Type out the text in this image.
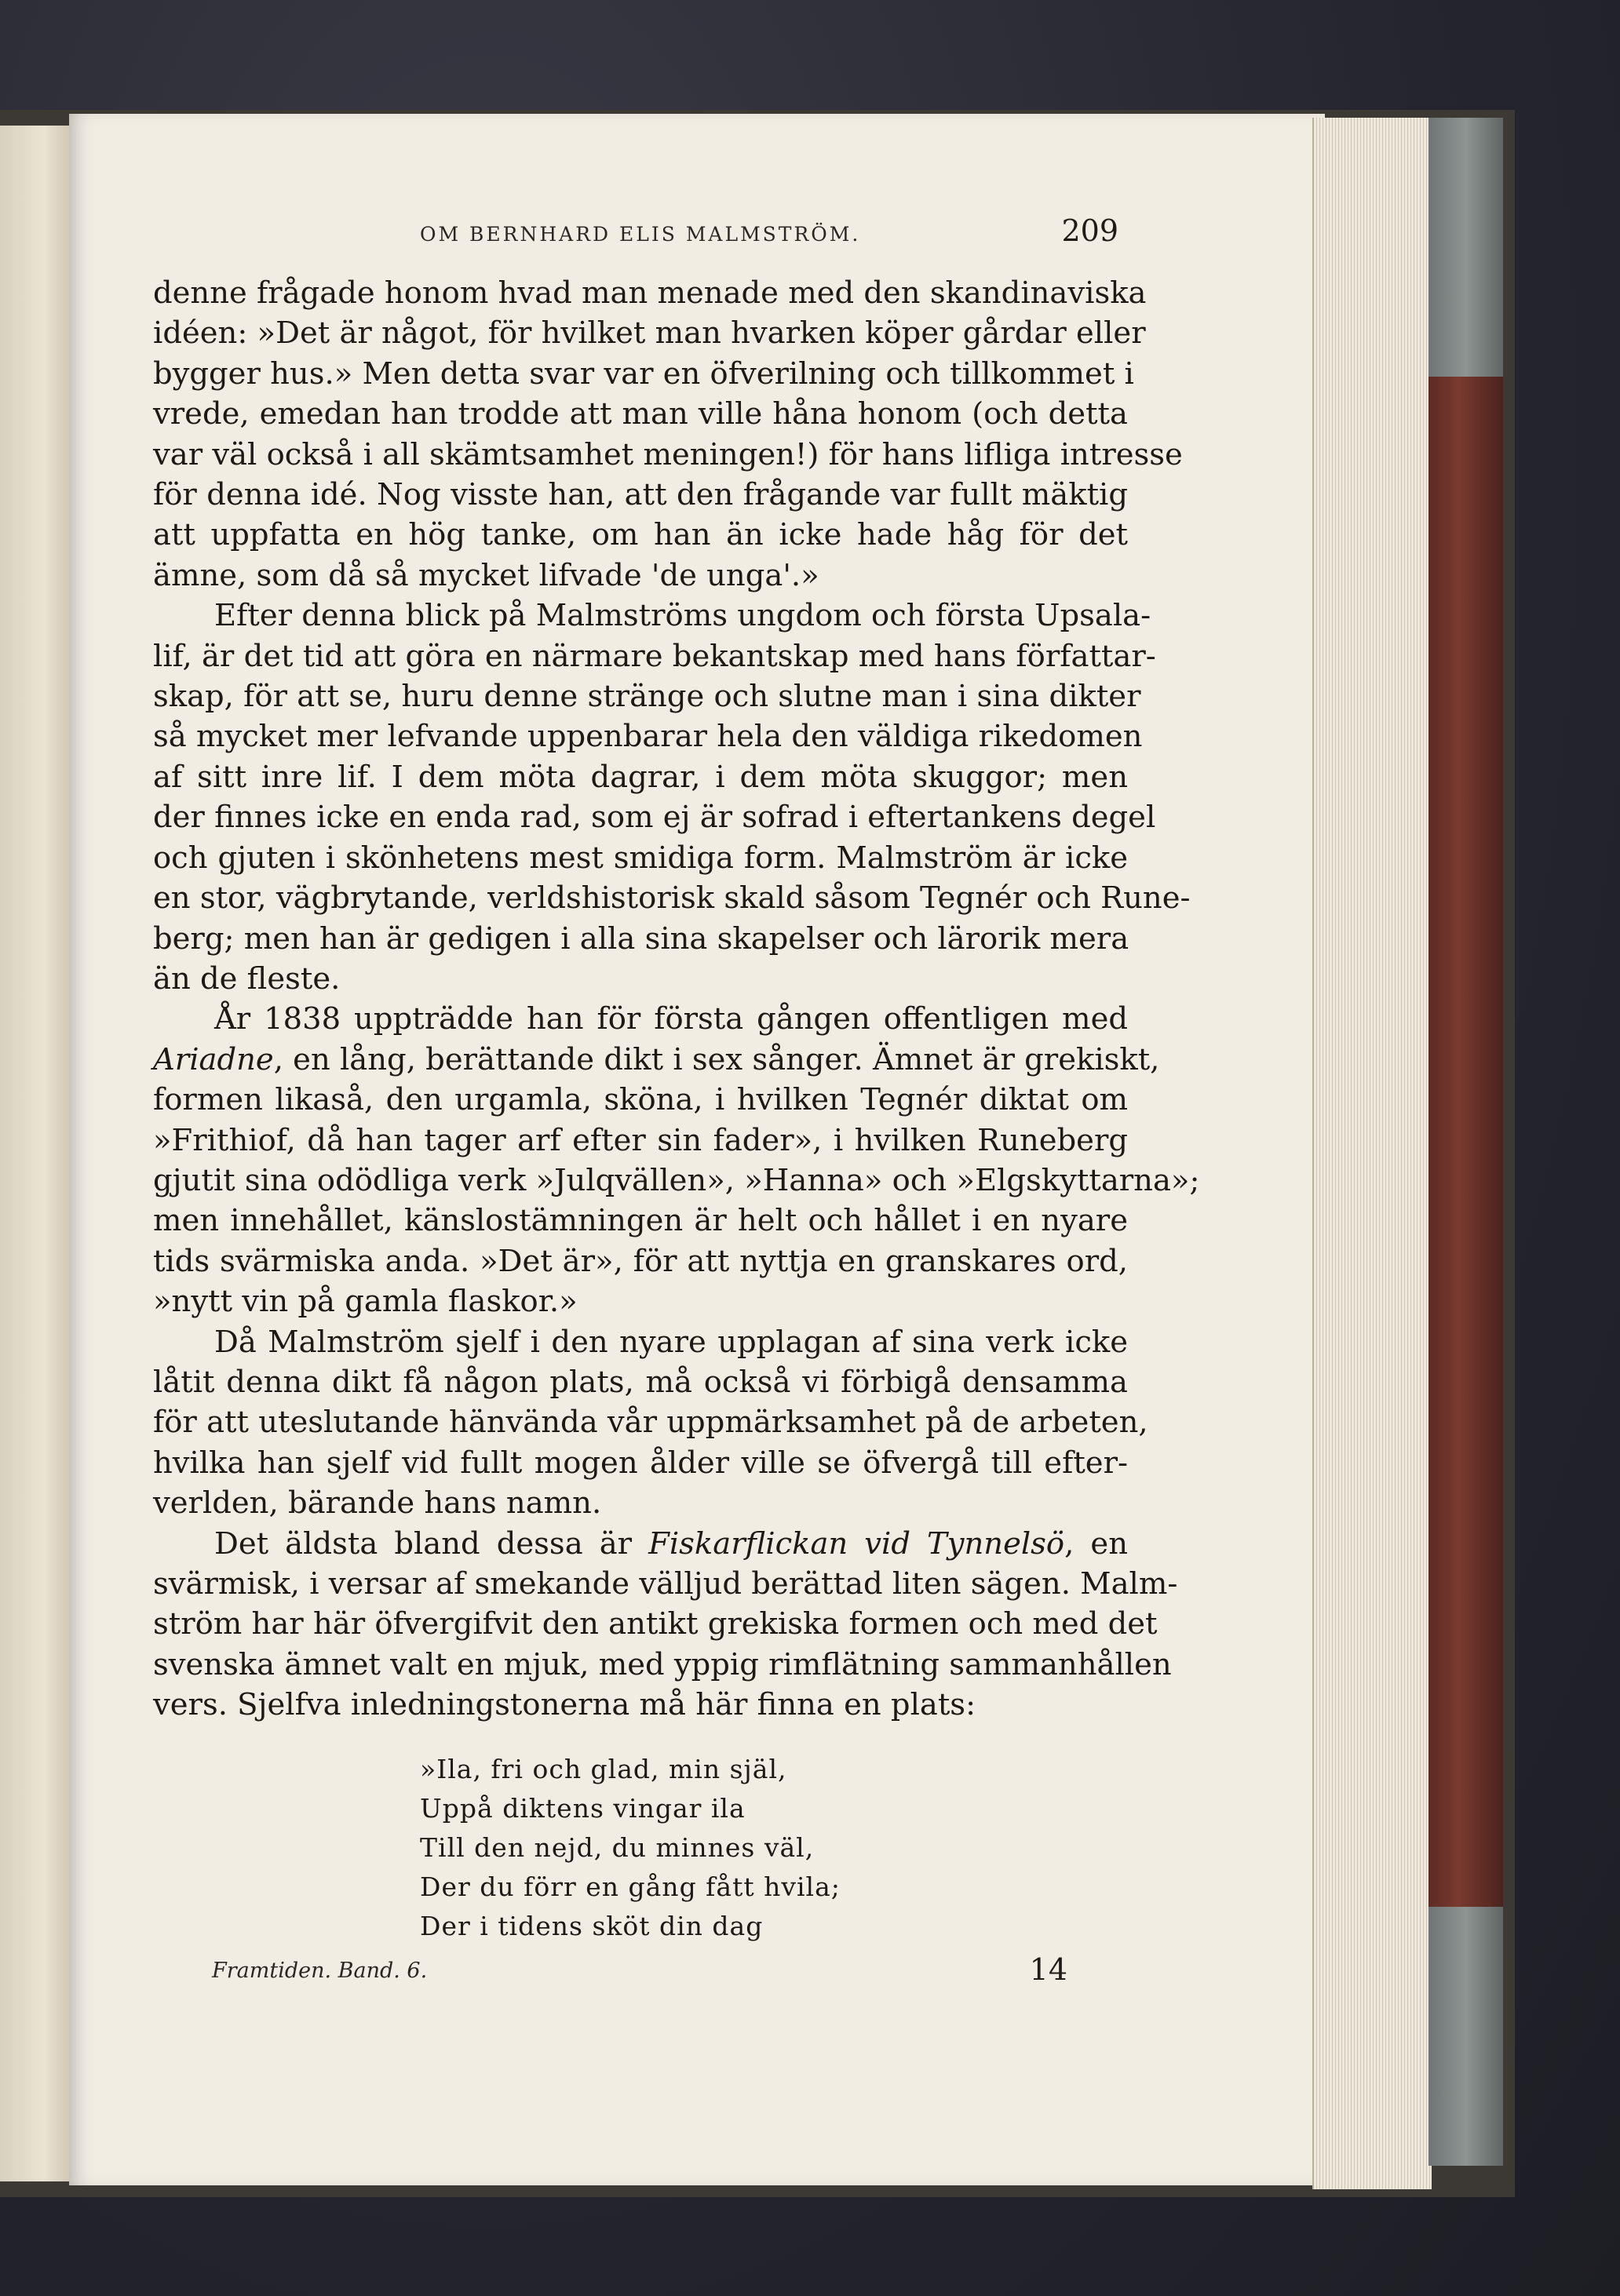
OM BERNHARD ELIS MALMSTRÖM.	209
denne frågade honom hvad man menade med den skandinaviska
idéen: »Det är något, för hvilket man hvarken köper gårdar eller
bygger hus.» Men detta svar var en öfverilning och tillkommet i
vrede, emedan han trodde att man ville håna honom (och detta
var väl också i all skämtsamhet meningen!) för hans lifliga intresse
för denna idé. Nog visste han, att den frågande var fullt mäktig
att uppfatta en hög tanke, om han än icke hade håg för det
ämne, som då så mycket lifvade 'de unga'.»
Efter denna blick på Malmströms ungdom och första Upsala-
lif, är det tid att göra en närmare bekantskap med hans författar-
skap, för att se, huru denne stränge och slutne man i sina dikter
så mycket mer lefvande uppenbarar hela den väldiga rikedomen
af sitt inre lif. I dem möta dagrar, i dem möta skuggor; men
der finnes icke en enda rad, som ej är sofrad i eftertankens degel
och gjuten i skönhetens mest smidiga form. Malmström är icke
en stor, vägbrytande, verldshistorisk skald såsom Tegnér och Rune-
berg; men han är gedigen i alla sina skapelser och lärorik mera
än de fleste.
År 1838 uppträdde han för första gången offentligen med
Ariadne, en lång, berättande dikt i sex sånger. Ämnet är grekiskt,
formen likaså, den urgamla, sköna, i hvilken Tegnér diktat om
»Frithiof, då han tager arf efter sin fader», i hvilken Runeberg
gjutit sina odödliga verk »Julqvällen», »Hanna» och »Elgskyttarna»;
men innehållet, känslostämningen är helt och hållet i en nyare
tids svärmiska anda. »Det är», för att nyttja en granskares ord,
»nytt vin på gamla flaskor.»
Då Malmström sjelf i den nyare upplagan af sina verk icke
låtit denna dikt få någon plats, må också vi förbigå densamma
för att uteslutande hänvända vår uppmärksamhet på de arbeten,
hvilka han sjelf vid fullt mogen ålder ville se öfvergå till efter-
verlden, bärande hans namn.
Det äldsta bland dessa är Fiskarflickan vid Tynnelsö, en
svärmisk, i versar af smekande välljud berättad liten sägen. Malm-
ström har här öfvergifvit den antikt grekiska formen och med det
svenska ämnet valt en mjuk, med yppig rimflätning sammanhållen
vers. Sjelfva inledningstonerna må här finna en plats:
»Ila, fri och glad, min själ,
Uppå diktens vingar ila
Till den nejd, du minnes väl,
Der du förr en gång fått hvila;
Der i tidens sköt din dag
Framtiden. Band. 6.	14
